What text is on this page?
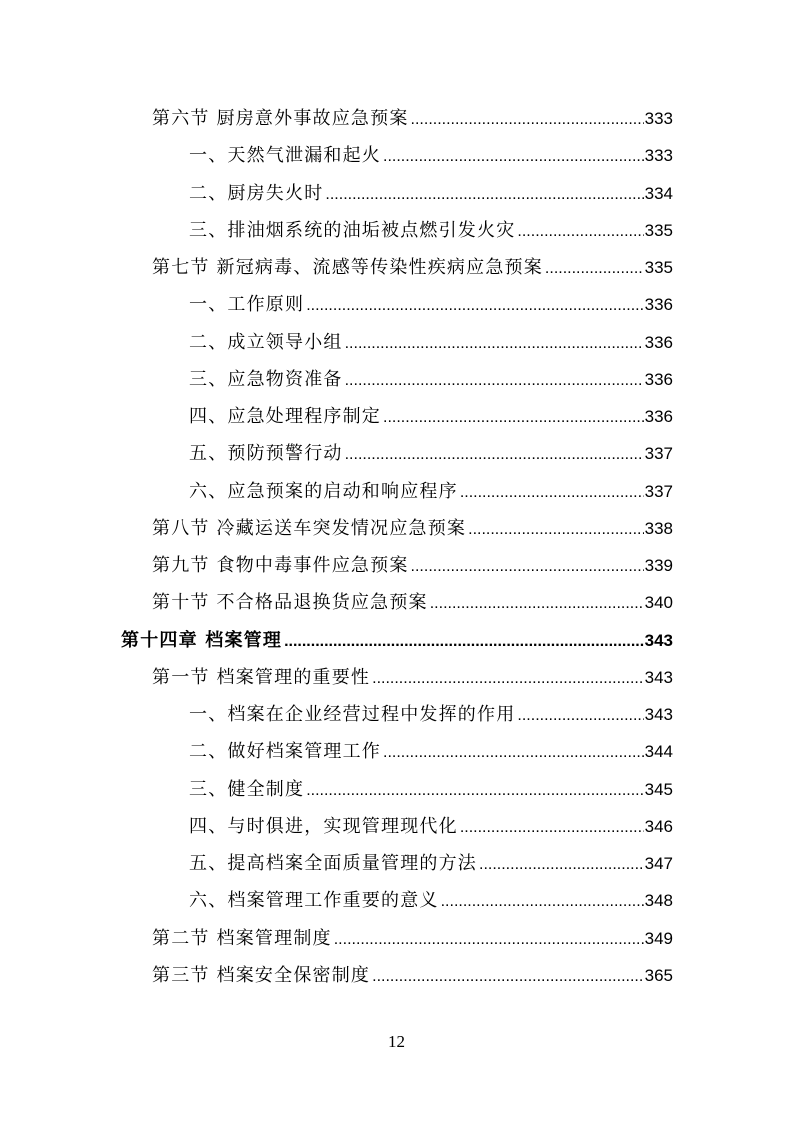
第六节 厨房意外事故应急预案 .....	333
一、天然气泄漏和起火 .....	333
二、厨房失火时 .....	334
三、排油烟系统的油垢被点燃引发火灾 .....	335
第七节 新冠病毒、流感等传染性疾病应急预案 .....	335
一、工作原则 .....	336
二、成立领导小组 .....	336
三、应急物资准备 .....	336
四、应急处理程序制定 .....	336
五、预防预警行动 .....	337
六、应急预案的启动和响应程序 .....	337
第八节 冷藏运送车突发情况应急预案 .....	338
第九节 食物中毒事件应急预案 .....	339
第十节 不合格品退换货应急预案 .....	340
第十四章 档案管理 .....	343
第一节 档案管理的重要性 .....	343
一、档案在企业经营过程中发挥的作用 .....	343
二、做好档案管理工作 .....	344
三、健全制度 .....	345
四、与时俱进，实现管理现代化 .....	346
五、提高档案全面质量管理的方法 .....	347
六、档案管理工作重要的意义 .....	348
第二节 档案管理制度 .....	349
第三节 档案安全保密制度 .....	365
12
